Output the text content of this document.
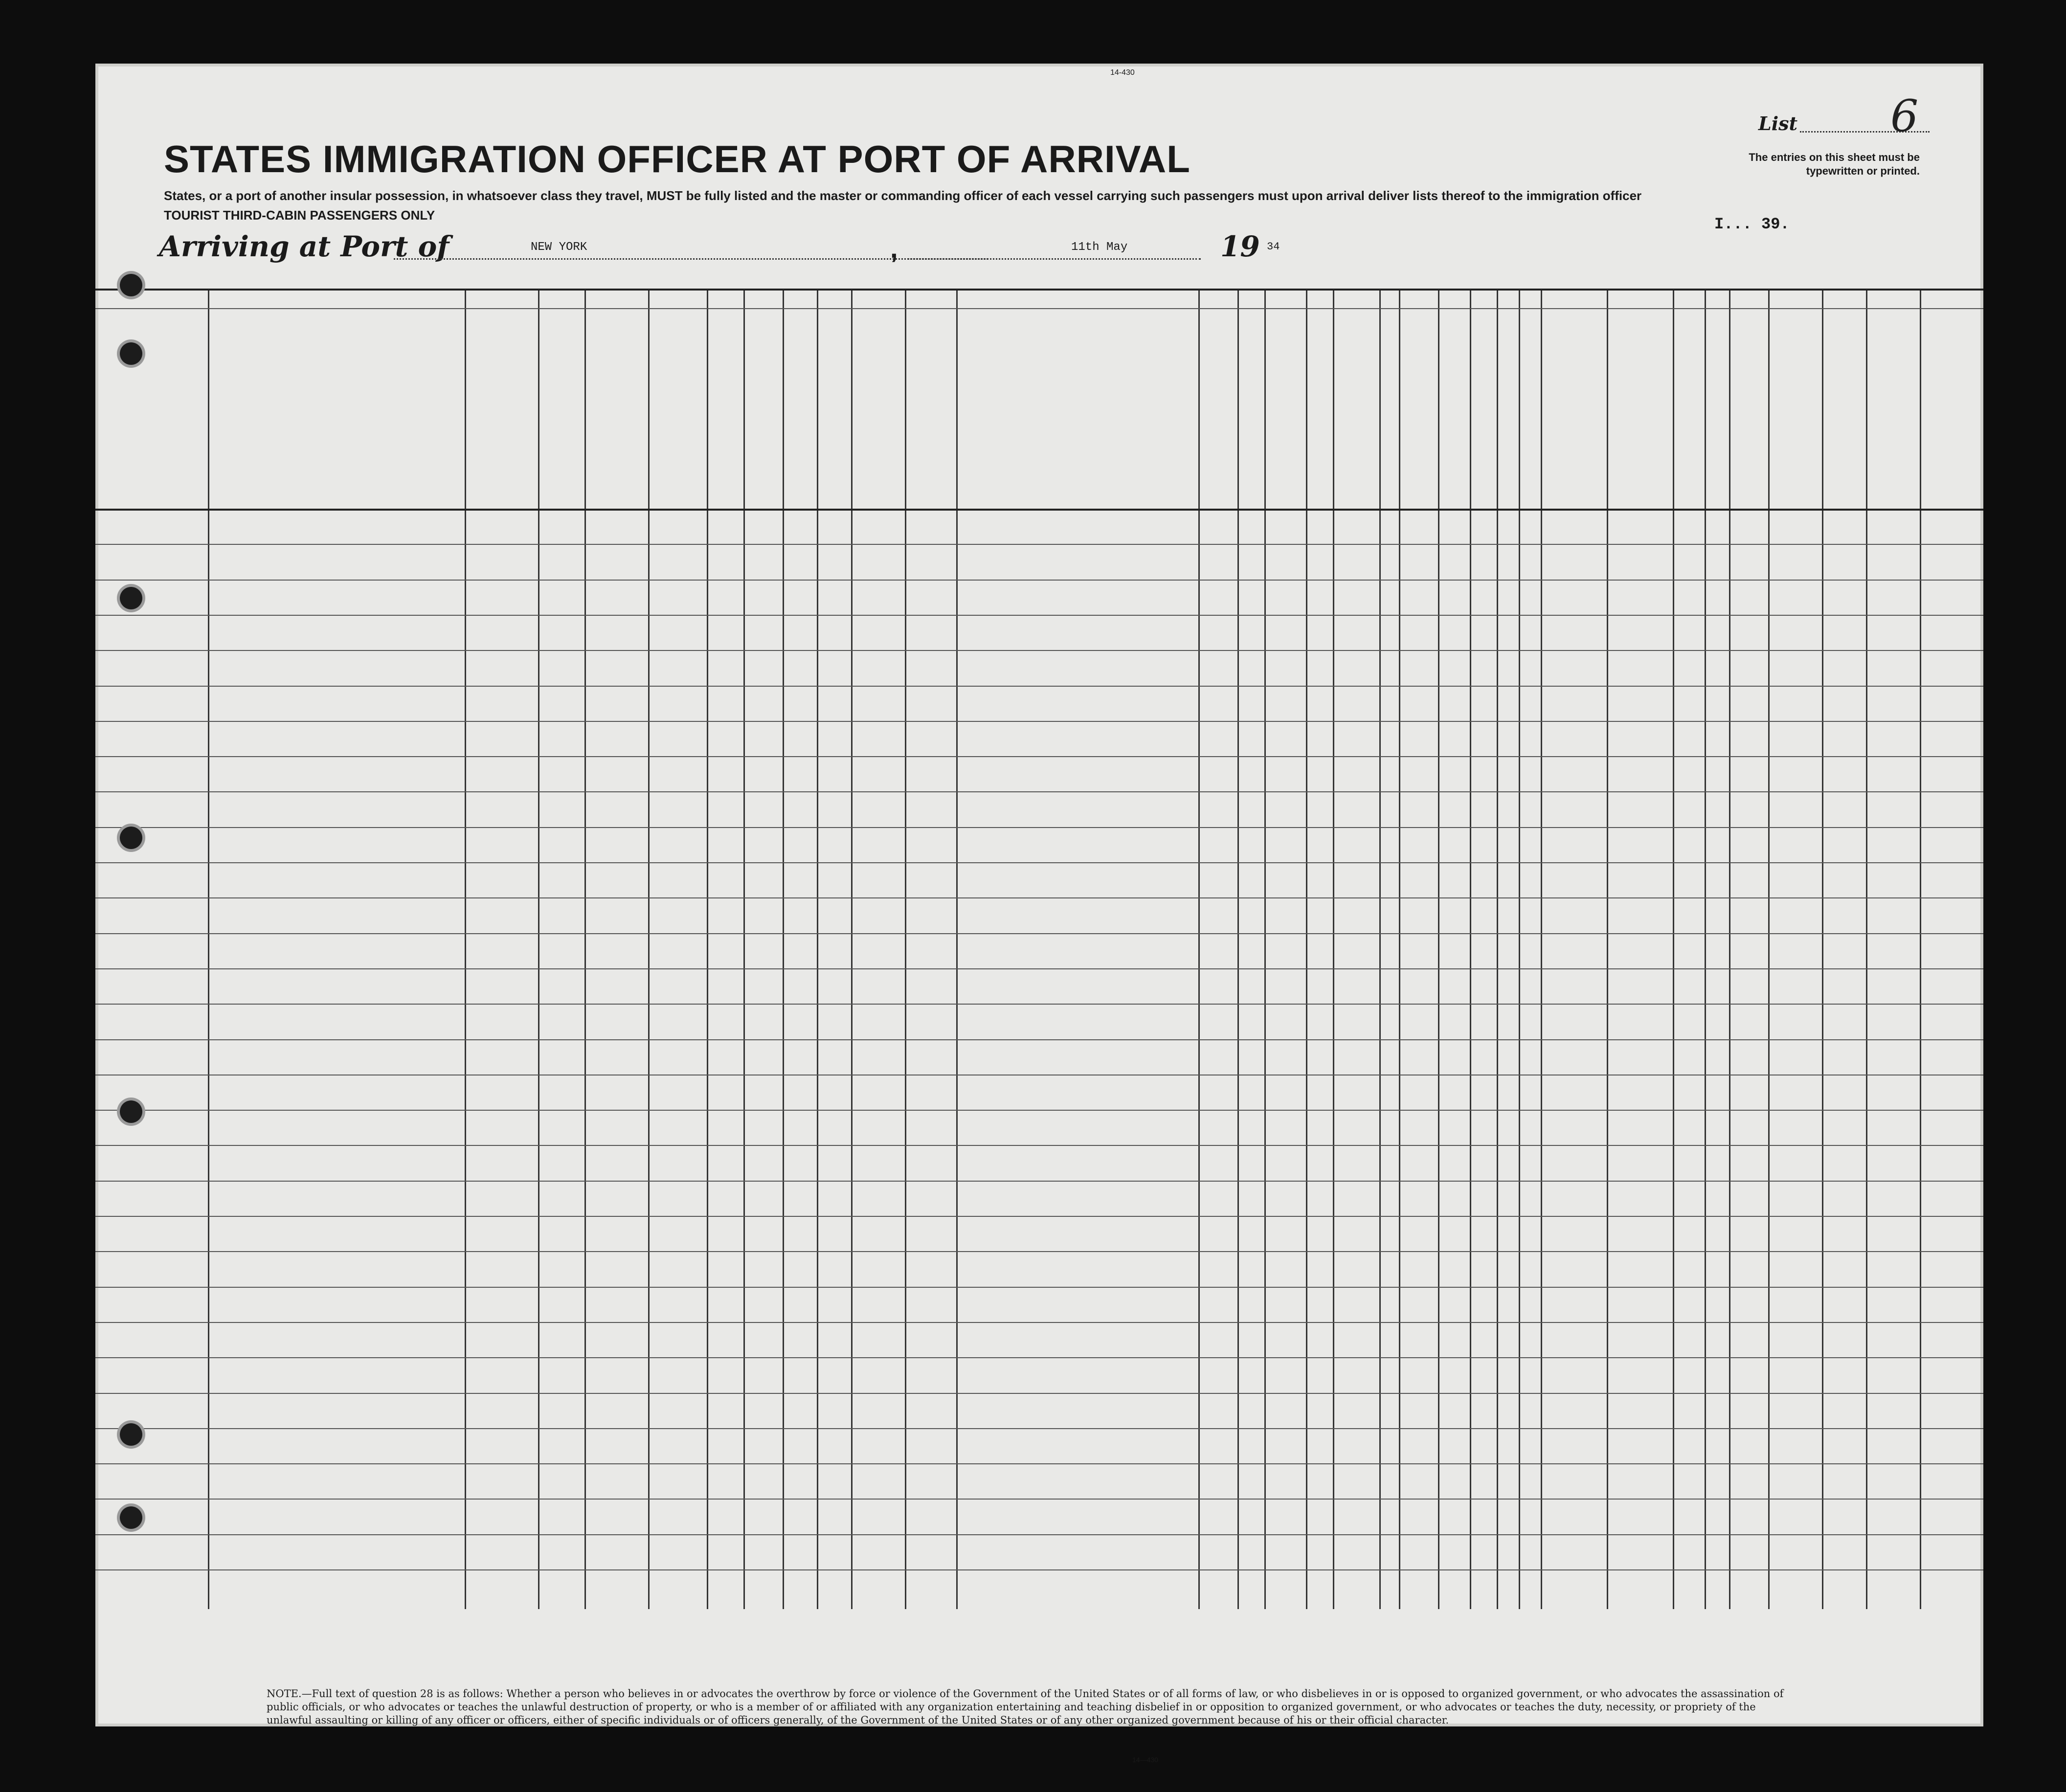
14-430
STATES IMMIGRATION OFFICER AT PORT OF ARRIVAL
States, or a port of another insular possession, in whatsoever class they travel, MUST be fully listed and the master or commanding officer of each vessel carrying such passengers must upon arrival deliver lists thereof to the immigration officer
TOURIST THIRD-CABIN PASSENGERS ONLY
Arriving at Port of	NEW YORK	,	11th May	19 34
List 6
The entries on this sheet must be typewritten or printed.
I... 39.
NOTE.—Full text of question 28 is as follows: Whether a person who believes in or advocates the overthrow by force or violence of the Government of the United States or of all forms of law, or who disbelieves in or is opposed to organized government, or who advocates the assassination of public officials, or who advocates or teaches the unlawful destruction of property, or who is a member of or affiliated with any organization entertaining and teaching disbelief in or opposition to organized government, or who advocates or teaches the duty, necessity, or propriety of the unlawful assaulting or killing of any officer or officers, either of specific individuals or of officers generally, of the Government of the United States or of any other organized government because of his or their official character.
14—430
